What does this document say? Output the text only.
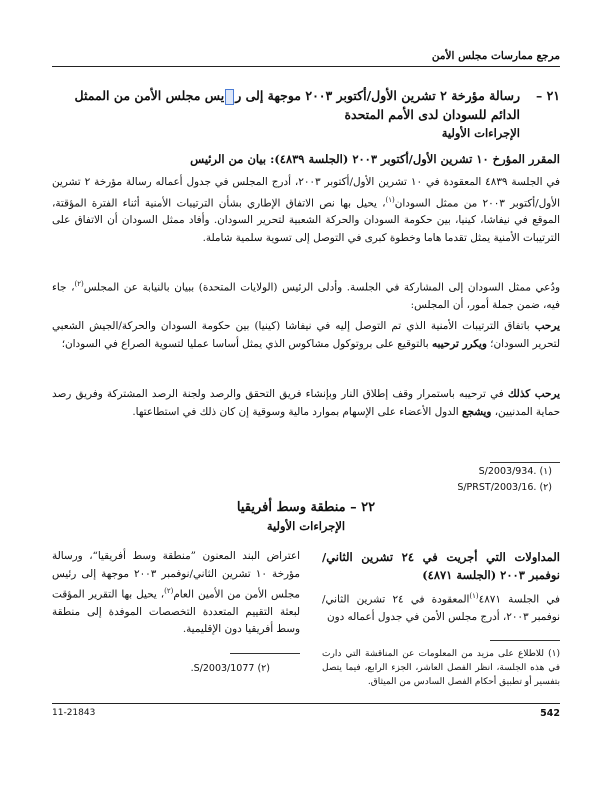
مرجع ممارسات مجلس الأمن
٢١ –
رسالة مؤرخة ٢ تشرين الأول/أكتوبر ٢٠٠٣ موجهة إلى ريس مجلس الأمن من الممثل الدائم للسودان لدى الأمم المتحدة
الإجراءات الأولية
المقرر المؤرخ ١٠ تشرين الأول/أكتوبر ٢٠٠٣ (الجلسة ٤٨٣٩): بيان من الرئيس

في الجلسة ٤٨٣٩ المعقودة في ١٠ تشرين الأول/أكتوبر ٢٠٠٣، أدرج المجلس في جدول أعماله رسالة مؤرخة ٢ تشرين الأول/أكتوبر ٢٠٠٣ من ممثل السودان$^{(١)}$، يحيل بها نص الاتفاق الإطاري بشأن الترتيبات الأمنية أثناء الفترة المؤقتة، الموقع في نيفاشا، كينيا، بين حكومة السودان والحركة الشعبية لتحرير السودان. وأفاد ممثل السودان أن الاتفاق على الترتيبات الأمنية يمثل تقدما هاما وخطوة كبرى في التوصل إلى تسوية سلمية شاملة.

ودُعي ممثل السودان إلى المشاركة في الجلسة. وأدلى الرئيس (الولايات المتحدة) ببيان بالنيابة عن المجلس$^{(٢)}$، جاء فيه، ضمن جملة أمور، أن المجلس:

يرحب باتفاق الترتيبات الأمنية الذي تم التوصل إليه في نيفاشا (كينيا) بين حكومة السودان والحركة/الجيش الشعبي لتحرير السودان؛ ويكرر ترحيبه بالتوقيع على بروتوكول مشاكوس الذي يمثل أساسا عمليا لتسوية الصراع في السودان؛

يرحب كذلك في ترحيبه باستمرار وقف إطلاق النار وبإنشاء فريق التحقق والرصد ولجنة الرصد المشتركة وفريق رصد حماية المدنيين، ويشجع الدول الأعضاء على الإسهام بموارد مالية وسوقية إن كان ذلك في استطاعتها.

(١) S/2003/934.
(٢) S/PRST/2003/16.
٢٢ – منطقة وسط أفريقيا
الإجراءات الأولية
المداولات التي أجريت في ٢٤ تشرين الثاني/نوفمبر ٢٠٠٣ (الجلسة ٤٨٧١)

في الجلسة ٤٨٧١$^{(١)}$المعقودة في ٢٤ تشرين الثاني/نوفمبر ٢٠٠٣، أدرج مجلس الأمن في جدول أعماله دون

(١) للاطلاع على مزيد من المعلومات عن المناقشة التي دارت في هذه الجلسة، انظر الفصل العاشر، الجزء الرابع، فيما يتصل بتفسير أو تطبيق أحكام الفصل السادس من الميثاق.

اعتراض البند المعنون ”منطقة وسط أفريقيا“، ورسالة مؤرخة ١٠ تشرين الثاني/نوفمبر ٢٠٠٣ موجهة إلى رئيس مجلس الأمن من الأمين العام$^{(٢)}$، يحيل بها التقرير المؤقت لبعثة التقييم المتعددة التخصصات الموفدة إلى منطقة وسط أفريقيا دون الإقليمية.

(٢) S/2003/1077.
542
11-21843
